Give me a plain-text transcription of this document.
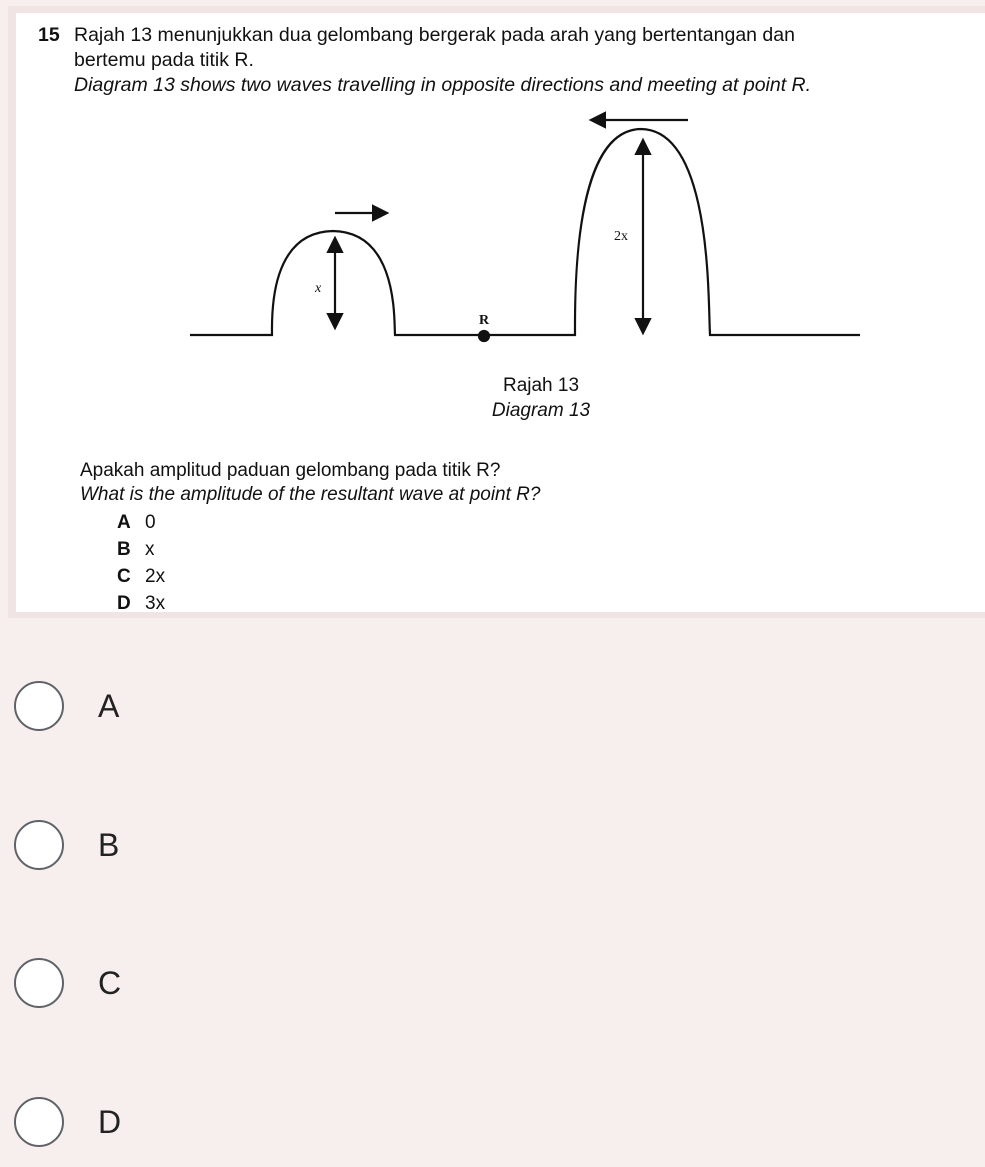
15 Rajah 13 menunjukkan dua gelombang bergerak pada arah yang bertentangan dan
bertemu pada titik R.
Diagram 13 shows two waves travelling in opposite directions and meeting at point R.
x
2x
R
Rajah 13
Diagram 13
Apakah amplitud paduan gelombang pada titik R?
What is the amplitude of the resultant wave at point R?
A 0
B x
C 2x
D 3x
A
B
C
D
